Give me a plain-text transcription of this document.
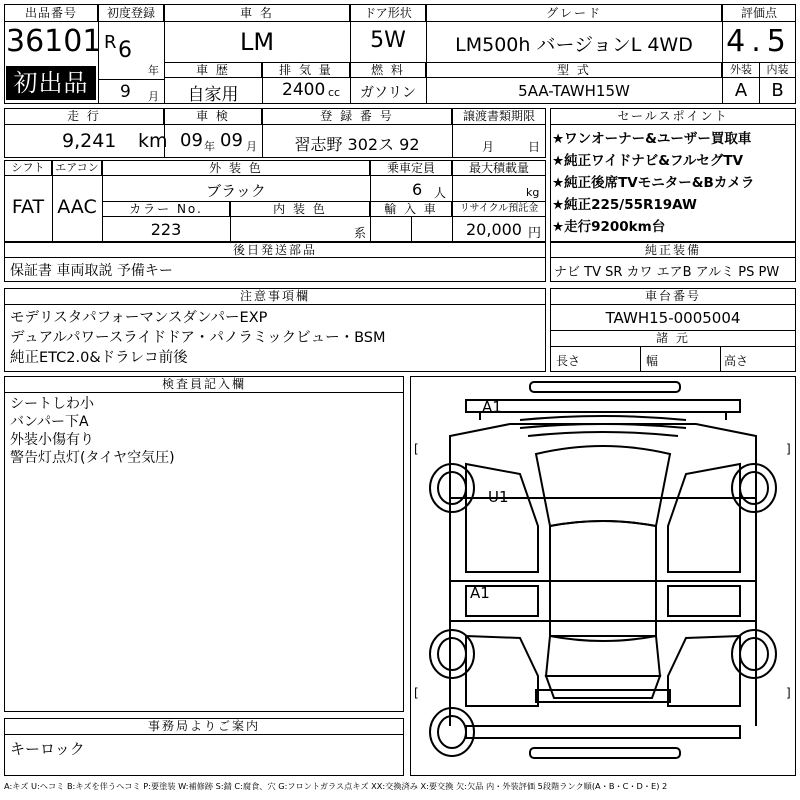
出品番号
36101
初出品
初度登録
R 6
年
9 月
車 名
LM
ドア形状
5W
グレード
LM500h バージョンL 4WD
車 歴
自家用
排 気 量
2400 cc
燃 料
ガソリン
型 式
5AA-TAWH15W
評価点
4.5
外装	内装
A	B
走 行
9,241 km
車 検
09 年 09 月
登 録 番 号
習志野 302ス 92
譲渡書類期限
月	日
シフト
FAT
エアコン
AAC
外 装 色
ブラック
乗車定員
6 人
最大積載量
kg
カラー No.
223
内 装 色
系
輸 入 車	リサイクル預託金
20,000 円
セールスポイント
★ワンオーナー&ユーザー買取車
★純正ワイドナビ&フルセグTV
★純正後席TVモニター&Bカメラ
★純正225/55R19AW
★走行9200km台
後日発送部品
保証書 車両取説 予備キー
純正装備
ナビ TV SR カワ エアB アルミ PS PW
注意事項欄
モデリスタパフォーマンスダンパーEXP
デュアルパワースライドドア・パノラミックビュー・BSM
純正ETC2.0&ドラレコ前後
車台番号
TAWH15-0005004
諸 元
長さ	幅	高さ
検査員記入欄
シートしわ小
バンパー下A
外装小傷有り
警告灯点灯(タイヤ空気圧)
A1
U1
A1
[	]
[	]
事務局よりご案内
キーロック
A:キズ U:ヘコミ B:キズを伴うヘコミ P:要塗装 W:補修跡 S:錆 C:腐食、穴 G:フロントガラス点キズ XX:交換済み X:要交換 欠:欠品 内・外装評価 5段階ランク順(A・B・C・D・E) 2
